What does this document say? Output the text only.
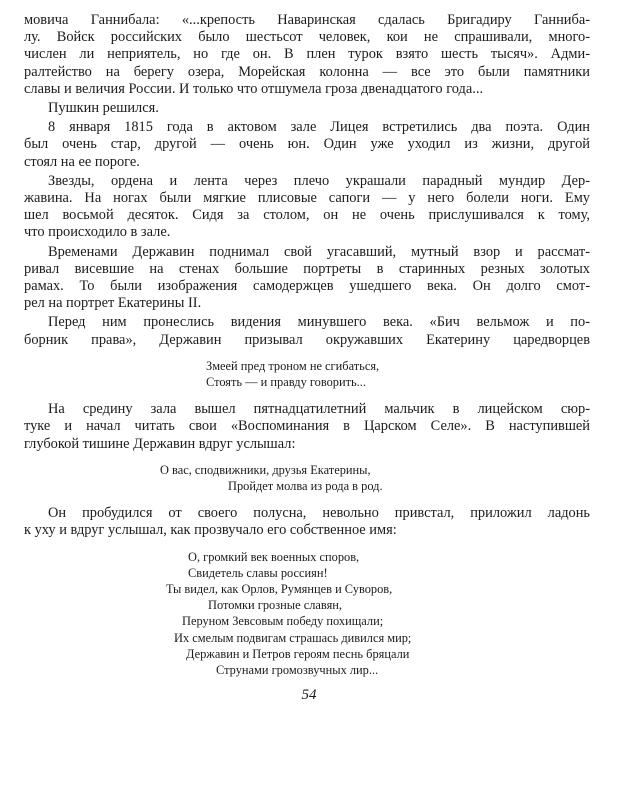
мовича Ганнибала: «...крепость Наваринская сдалась Бригадиру Ганниба-
лу. Войск российских было шестьсот человек, кои не спрашивали, много-
числен ли неприятель, но где он. В плен турок взято шесть тысяч». Адми-
ралтейство на берегу озера, Морейская колонна — все это были памятники
славы и величия России. И только что отшумела гроза двенадцатого года...
Пушкин решился.
8 января 1815 года в актовом зале Лицея встретились два поэта. Один
был очень стар, другой — очень юн. Один уже уходил из жизни, другой
стоял на ее пороге.
Звезды, ордена и лента через плечо украшали парадный мундир Дер-
жавина. На ногах были мягкие плисовые сапоги — у него болели ноги. Ему
шел восьмой десяток. Сидя за столом, он не очень прислушивался к тому,
что происходило в зале.
Временами Державин поднимал свой угасавший, мутный взор и рассмат-
ривал висевшие на стенах большие портреты в старинных резных золотых
рамах. То были изображения самодержцев ушедшего века. Он долго смот-
рел на портрет Екатерины II.
Перед ним пронеслись видения минувшего века. «Бич вельмож и по-
борник права», Державин призывал окружавших Екатерину царедворцев
Змеей пред троном не сгибаться,
Стоять — и правду говорить...
На средину зала вышел пятнадцатилетний мальчик в лицейском сюр-
туке и начал читать свои «Воспоминания в Царском Селе». В наступившей
глубокой тишине Державин вдруг услышал:
О вас, сподвижники, друзья Екатерины,
Пройдет молва из рода в род.
Он пробудился от своего полусна, невольно привстал, приложил ладонь
к уху и вдруг услышал, как прозвучало его собственное имя:
О, громкий век военных споров,
Свидетель славы россиян!
Ты видел, как Орлов, Румянцев и Суворов,
Потомки грозные славян,
Перуном Зевсовым победу похищали;
Их смелым подвигам страшась дивился мир;
Державин и Петров героям песнь бряцали
Струнами громозвучных лир...
54
